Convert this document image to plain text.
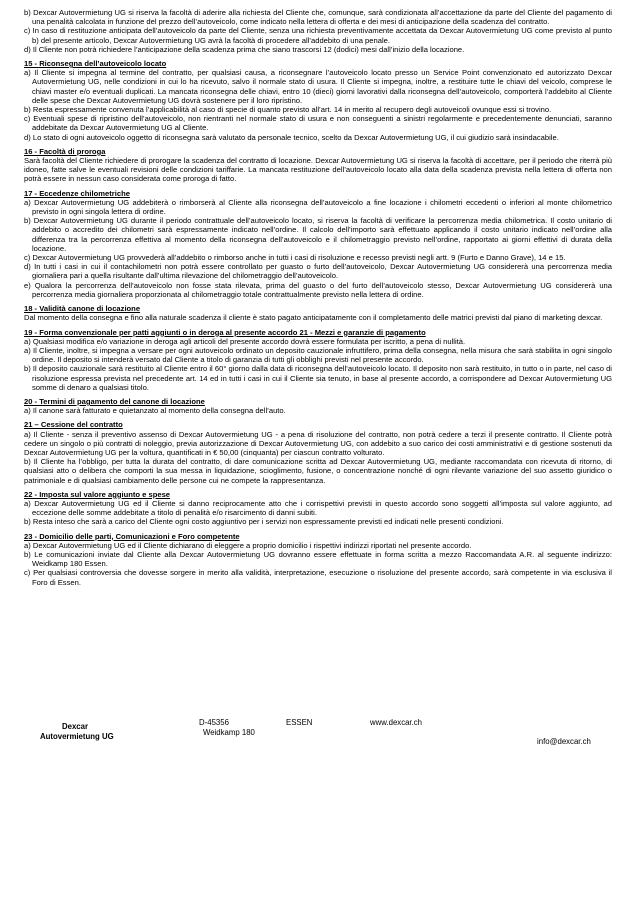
b) Dexcar Autovermietung UG si riserva la facoltà di aderire alla richiesta del Cliente che, comunque, sarà condizionata all’accettazione da parte del Cliente del pagamento di una penalità calcolata in funzione del prezzo dell’autoveicolo, come indicato nella lettera di offerta e dei mesi di anticipazione della scadenza del contratto.
c) In caso di restituzione anticipata dell’autoveicolo da parte del Cliente, senza una richiesta preventivamente accettata da Dexcar Autovermietung UG come previsto al punto b) del presente articolo, Dexcar Autovermietung UG avrà la facoltà di procedere all’addebito di una penale.
d) Il Cliente non potrà richiedere l’anticipazione della scadenza prima che siano trascorsi 12 (dodici) mesi dall’inizio della locazione.
15 - Riconsegna dell’autoveicolo locato
a) Il Cliente si impegna al termine del contratto, per qualsiasi causa, a riconsegnare l’autoveicolo locato presso un Service Point convenzionato ed autorizzato Dexcar Autovermietung UG, nelle condizioni in cui lo ha ricevuto, salvo il normale stato di usura. Il Cliente si impegna, inoltre, a restituire tutte le chiavi del veicolo, comprese le chiavi master e/o eventuali duplicati. La mancata riconsegna delle chiavi, entro 10 (dieci) giorni lavorativi dalla riconsegna dell’autoveicolo, comporterà l’addebito al Cliente delle spese che Dexcar Autovermietung UG dovrà sostenere per il loro ripristino.
b) Resta espressamente convenuta l’applicabilità al caso di specie di quanto previsto all’art. 14 in merito al recupero degli autoveicoli ovunque essi si trovino.
c) Eventuali spese di ripristino dell’autoveicolo, non rientranti nel normale stato di usura e non conseguenti a sinistri regolarmente e precedentemente denunciati, saranno addebitate da Dexcar Autovermietung UG al Cliente.
d) Lo stato di ogni autoveicolo oggetto di riconsegna sarà valutato da personale tecnico, scelto da Dexcar Autovermietung UG, il cui giudizio sarà insindacabile.
16 - Facoltà di proroga
Sarà facoltà del Cliente richiedere di prorogare la scadenza del contratto di locazione. Dexcar Autovermietung UG si riserva la facoltà di accettare, per il periodo che riterrà più idoneo, fatte salve le eventuali revisioni delle condizioni tariffarie. La mancata restituzione dell’autoveicolo locato alla data della scadenza prevista nella lettera di offerta non potrà essere in nessun caso considerata come proroga di fatto.
17 - Eccedenze chilometriche
a) Dexcar Autovermietung UG addebiterà o rimborserà al Cliente alla riconsegna dell’autoveicolo a fine locazione i chilometri eccedenti o inferiori al monte chilometrico previsto in ogni singola lettera di ordine.
b) Dexcar Autovermietung UG durante il periodo contrattuale dell’autoveicolo locato, si riserva la facoltà di verificare la percorrenza media chilometrica. Il costo unitario di addebito o accredito dei chilometri sarà espressamente indicato nell’ordine. Il calcolo dell’importo sarà effettuato applicando il costo unitario indicato nell’ordine alla differenza tra la percorrenza effettiva al momento della riconsegna dell’autoveicolo e il chilometraggio previsto nell’ordine, rapportato ai giorni effettivi di durata della locazione.
c) Dexcar Autovermietung UG provvederà all’addebito o rimborso anche in tutti i casi di risoluzione e recesso previsti negli artt. 9 (Furto e Danno Grave), 14 e 15.
d) In tutti i casi in cui il contachilometri non potrà essere controllato per guasto o furto dell’autoveicolo, Dexcar Autovermietung UG considererà una percorrenza media giornaliera pari a quella risultante dall’ultima rilevazione del chilometraggio dell’autoveicolo.
e) Qualora la percorrenza dell’autoveicolo non fosse stata rilevata, prima del guasto o del furto dell’autoveicolo stesso, Dexcar Autovermietung UG considererà una percorrenza media giornaliera proporzionata al chilometraggio totale contrattualmente previsto nella lettera di ordine.
18 - Validità canone di locazione
Dal momento della consegna e fino alla naturale scadenza il cliente è stato pagato anticipatamente con il completamento delle matrici previsti dal piano di marketing dexcar.
19 - Forma convenzionale per patti aggiunti o in deroga al presente accordo 21 - Mezzi e garanzie di pagamento
a) Qualsiasi modifica e/o variazione in deroga agli articoli del presente accordo dovrà essere formulata per iscritto, a pena di nullità.
a) Il Cliente, inoltre, si impegna a versare per ogni autoveicolo ordinato un deposito cauzionale infruttifero, prima della consegna, nella misura che sarà stabilita in ogni singolo ordine. Il deposito si intenderà versato dal Cliente a titolo di garanzia di tutti gli obblighi previsti nel presente accordo.
b) Il deposito cauzionale sarà restituito al Cliente entro il 60° giorno dalla data di riconsegna dell’autoveicolo locato. Il deposito non sarà restituito, in tutto o in parte, nel caso di risoluzione espressa prevista nel precedente art. 14 ed in tutti i casi in cui il Cliente sia tenuto, in base al presente accordo, a corrispondere ad Dexcar Autovermietung UG somme di denaro a qualsiasi titolo.
20 - Termini di pagamento del canone di locazione
a) Il canone sarà fatturato e quietanzato al momento della consegna dell’auto.
21 – Cessione del contratto
a) Il Cliente - senza il preventivo assenso di Dexcar Autovermietung UG - a pena di risoluzione del contratto, non potrà cedere a terzi il presente contratto. Il Cliente potrà cedere un singolo o più contratti di noleggio, previa autorizzazione di Dexcar Autovermietung UG, con addebito a suo carico dei costi amministrativi e di gestione sostenuti da Dexcar Autovermietung UG per la voltura, quantificati in € 50,00 (cinquanta) per ciascun contratto volturato.
b) Il Cliente ha l’obbligo, per tutta la durata del contratto, di dare comunicazione scritta ad Dexcar Autovermietung UG, mediante raccomandata con ricevuta di ritorno, di qualsiasi atto o delibera che comporti la sua messa in liquidazione, scioglimento, fusione, o concentrazione nonché di ogni rilevante variazione del suo assetto giuridico o patrimoniale e di qualsiasi cambiamento delle persone cui ne compete la rappresentanza.
22 - Imposta sul valore aggiunto e spese
a) Dexcar Autovermietung UG ed il Cliente si danno reciprocamente atto che i corrispettivi previsti in questo accordo sono soggetti all’imposta sul valore aggiunto, ad eccezione delle somme addebitate a titolo di penalità e/o risarcimento di danni subiti.
b) Resta inteso che sarà a carico del Cliente ogni costo aggiuntivo per i servizi non espressamente previsti ed indicati nelle presenti condizioni.
23 - Domicilio delle parti, Comunicazioni e Foro competente
a) Dexcar Autovermietung UG ed il Cliente dichiarano di eleggere a proprio domicilio i rispettivi indirizzi riportati nel presente accordo.
b) Le comunicazioni inviate dal Cliente alla Dexcar Autovermietung UG dovranno essere effettuate in forma scritta a mezzo Raccomandata A.R. al seguente indirizzo: Weidkamp 180 Essen.
c) Per qualsiasi controversia che dovesse sorgere in merito alla validità, interpretazione, esecuzione o risoluzione del presente accordo, sarà competente in via esclusiva il Foro di Essen.
Dexcar
Autovermietung UG
D-45356	ESSEN
Weidkamp 180
www.dexcar.ch
info@dexcar.ch
